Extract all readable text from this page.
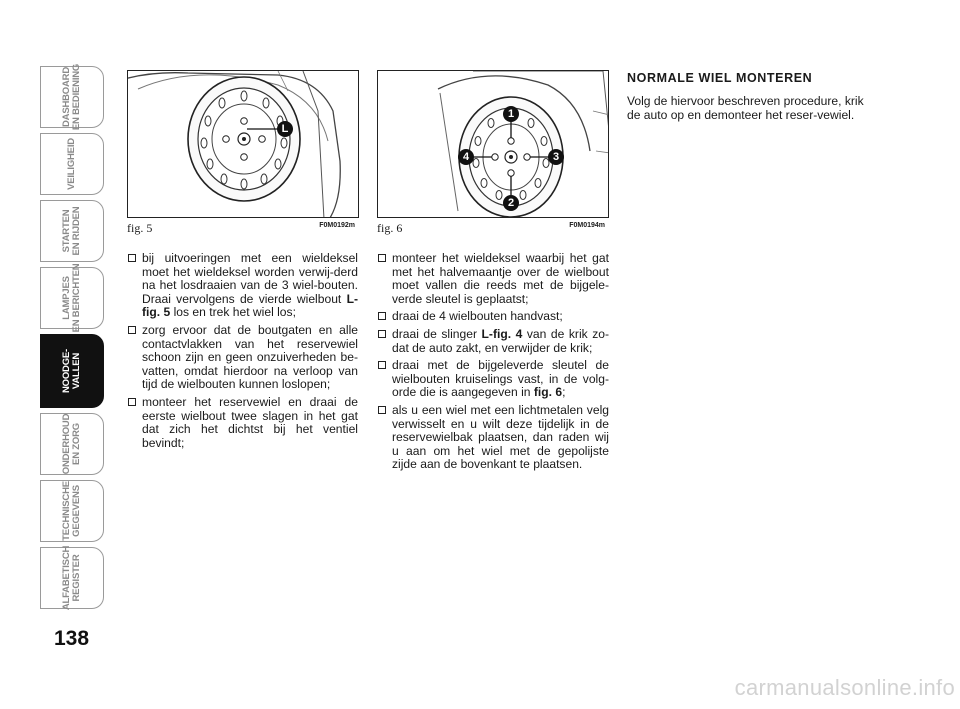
DASHBOARD
EN BEDIENING
VEILIGHEID
STARTEN
EN RIJDEN
LAMPJES
EN BERICHTEN
NOODGE-
VALLEN
ONDERHOUD
EN ZORG
TECHNISCHE
GEGEVENS
ALFABETISCH
REGISTER
138
L
fig. 5	F0M0192m
1
2
3
4
fig. 6	F0M0194m
bij uitvoeringen met een wieldeksel moet het wieldeksel worden verwij-derd na het losdraaien van de 3 wiel-bouten. Draai vervolgens de vierde wielbout L-fig. 5 los en trek het wiel los;
zorg ervoor dat de boutgaten en alle contactvlakken van het reservewiel schoon zijn en geen onzuiverheden be-vatten, omdat hierdoor na verloop van tijd de wielbouten kunnen loslopen;
monteer het reservewiel en draai de eerste wielbout twee slagen in het gat dat zich het dichtst bij het ventiel bevindt;
monteer het wieldeksel waarbij het gat met het halvemaantje over de wielbout moet vallen die reeds met de bijgele-verde sleutel is geplaatst;
draai de 4 wielbouten handvast;
draai de slinger L-fig. 4 van de krik zo-dat de auto zakt, en verwijder de krik;
draai met de bijgeleverde sleutel de wielbouten kruiselings vast, in de volg-orde die is aangegeven in fig. 6;
als u een wiel met een lichtmetalen velg verwisselt en u wilt deze tijdelijk in de reservewielbak plaatsen, dan raden wij u aan om het wiel met de gepolijste zijde aan de bovenkant te plaatsen.
NORMALE WIEL MONTEREN
Volg de hiervoor beschreven procedure, krik de auto op en demonteer het reser-vewiel.
carmanualsonline.info
